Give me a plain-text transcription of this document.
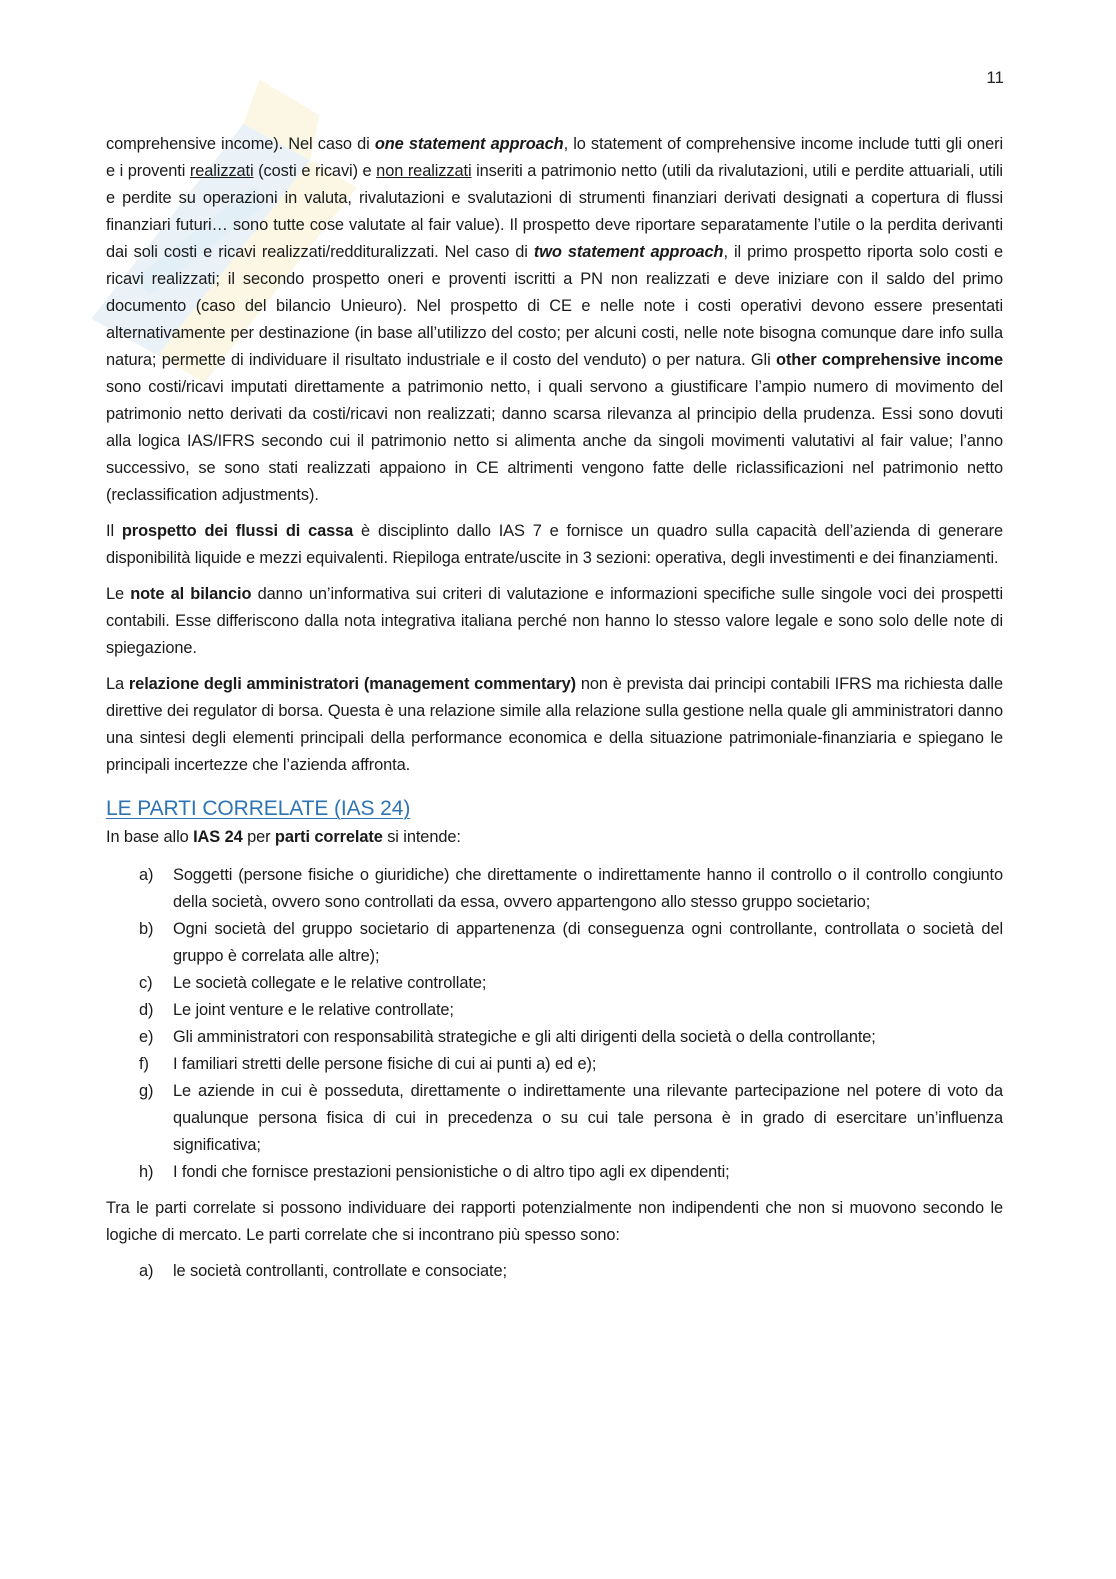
11

comprehensive income). Nel caso di one statement approach, lo statement of comprehensive income include tutti gli oneri e i proventi realizzati (costi e ricavi) e non realizzati inseriti a patrimonio netto (utili da rivalutazioni, utili e perdite attuariali, utili e perdite su operazioni in valuta, rivalutazioni e svalutazioni di strumenti finanziari derivati designati a copertura di flussi finanziari futuri… sono tutte cose valutate al fair value). Il prospetto deve riportare separatamente l’utile o la perdita derivanti dai soli costi e ricavi realizzati/reddituralizzati. Nel caso di two statement approach, il primo prospetto riporta solo costi e ricavi realizzati; il secondo prospetto oneri e proventi iscritti a PN non realizzati e deve iniziare con il saldo del primo documento (caso del bilancio Unieuro). Nel prospetto di CE e nelle note i costi operativi devono essere presentati alternativamente per destinazione (in base all’utilizzo del costo; per alcuni costi, nelle note bisogna comunque dare info sulla natura; permette di individuare il risultato industriale e il costo del venduto) o per natura. Gli other comprehensive income sono costi/ricavi imputati direttamente a patrimonio netto, i quali servono a giustificare l’ampio numero di movimento del patrimonio netto derivati da costi/ricavi non realizzati; danno scarsa rilevanza al principio della prudenza. Essi sono dovuti alla logica IAS/IFRS secondo cui il patrimonio netto si alimenta anche da singoli movimenti valutativi al fair value; l’anno successivo, se sono stati realizzati appaiono in CE altrimenti vengono fatte delle riclassificazioni nel patrimonio netto (reclassification adjustments).

Il prospetto dei flussi di cassa è disciplinto dallo IAS 7 e fornisce un quadro sulla capacità dell’azienda di generare disponibilità liquide e mezzi equivalenti. Riepiloga entrate/uscite in 3 sezioni: operativa, degli investimenti e dei finanziamenti.

Le note al bilancio danno un’informativa sui criteri di valutazione e informazioni specifiche sulle singole voci dei prospetti contabili. Esse differiscono dalla nota integrativa italiana perché non hanno lo stesso valore legale e sono solo delle note di spiegazione.

La relazione degli amministratori (management commentary) non è prevista dai principi contabili IFRS ma richiesta dalle direttive dei regulator di borsa. Questa è una relazione simile alla relazione sulla gestione nella quale gli amministratori danno una sintesi degli elementi principali della performance economica e della situazione patrimoniale-finanziaria e spiegano le principali incertezze che l’azienda affronta.

LE PARTI CORRELATE (IAS 24)

In base allo IAS 24 per parti correlate si intende:

a)	Soggetti (persone fisiche o giuridiche) che direttamente o indirettamente hanno il controllo o il controllo congiunto della società, ovvero sono controllati da essa, ovvero appartengono allo stesso gruppo societario;
b)	Ogni società del gruppo societario di appartenenza (di conseguenza ogni controllante, controllata o società del gruppo è correlata alle altre);
c)	Le società collegate e le relative controllate;
d)	Le joint venture e le relative controllate;
e)	Gli amministratori con responsabilità strategiche e gli alti dirigenti della società o della controllante;
f)	I familiari stretti delle persone fisiche di cui ai punti a) ed e);
g)	Le aziende in cui è posseduta, direttamente o indirettamente una rilevante partecipazione nel potere di voto da qualunque persona fisica di cui in precedenza o su cui tale persona è in grado di esercitare un’influenza significativa;
h)	I fondi che fornisce prestazioni pensionistiche o di altro tipo agli ex dipendenti;

Tra le parti correlate si possono individuare dei rapporti potenzialmente non indipendenti che non si muovono secondo le logiche di mercato. Le parti correlate che si incontrano più spesso sono:

a)	le società controllanti, controllate e consociate;
